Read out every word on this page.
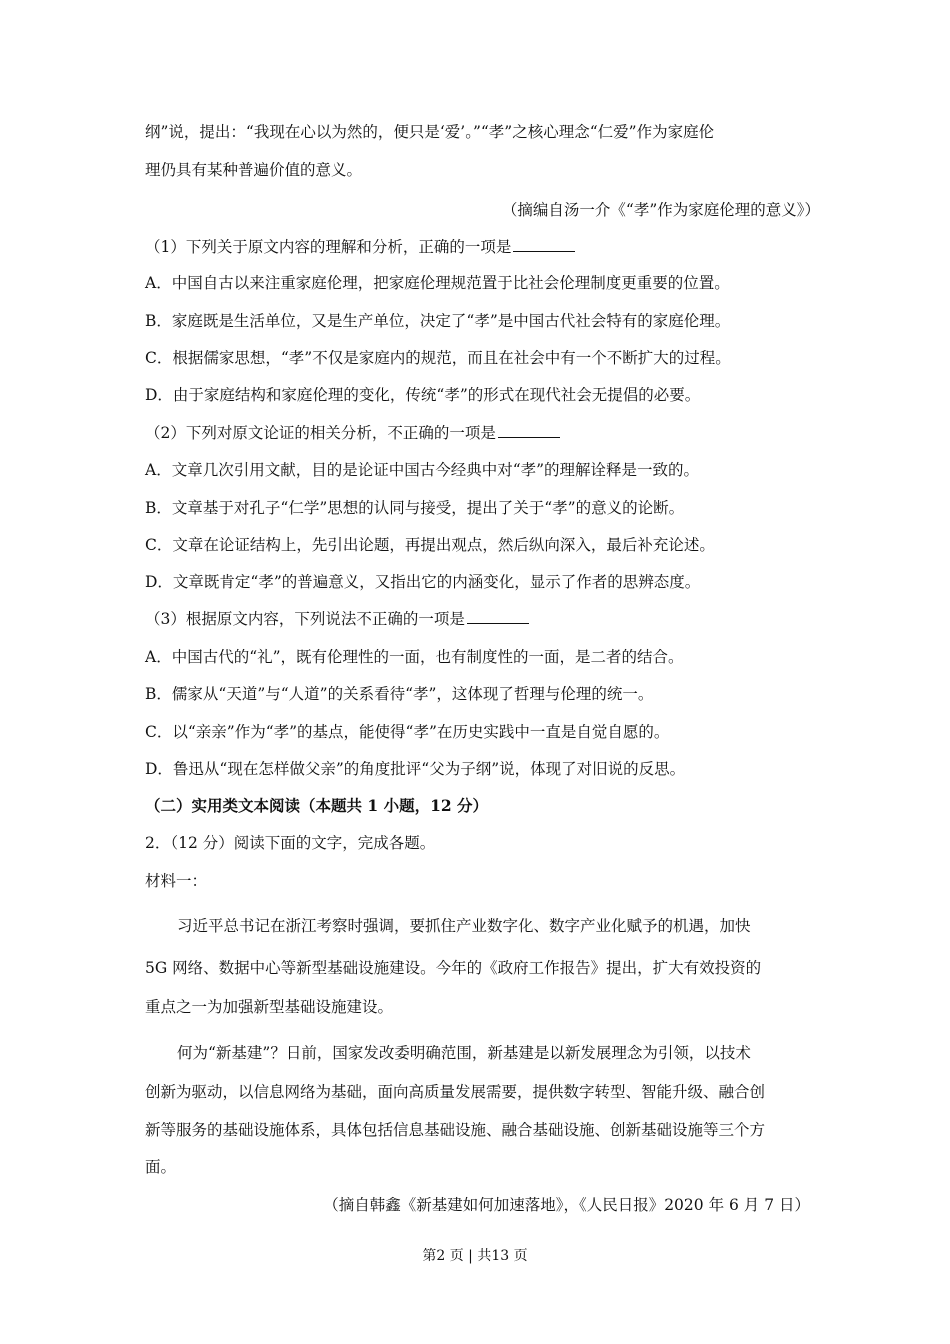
纲”说，提出：“我现在心以为然的，便只是‘爱’。”“孝”之核心理念“仁爱”作为家庭伦
理仍具有某种普遍价值的意义。
（摘编自汤一介《“孝”作为家庭伦理的意义》）
（1）下列关于原文内容的理解和分析，正确的一项是
A．中国自古以来注重家庭伦理，把家庭伦理规范置于比社会伦理制度更重要的位置。
B．家庭既是生活单位，又是生产单位，决定了“孝”是中国古代社会特有的家庭伦理。
C．根据儒家思想，“孝”不仅是家庭内的规范，而且在社会中有一个不断扩大的过程。
D．由于家庭结构和家庭伦理的变化，传统“孝”的形式在现代社会无提倡的必要。
（2）下列对原文论证的相关分析，不正确的一项是
A．文章几次引用文献，目的是论证中国古今经典中对“孝”的理解诠释是一致的。
B．文章基于对孔子“仁学”思想的认同与接受，提出了关于“孝”的意义的论断。
C．文章在论证结构上，先引出论题，再提出观点，然后纵向深入，最后补充论述。
D．文章既肯定“孝”的普遍意义，又指出它的内涵变化，显示了作者的思辨态度。
（3）根据原文内容，下列说法不正确的一项是
A．中国古代的“礼”，既有伦理性的一面，也有制度性的一面，是二者的结合。
B．儒家从“天道”与“人道”的关系看待“孝”，这体现了哲理与伦理的统一。
C．以“亲亲”作为“孝”的基点，能使得“孝”在历史实践中一直是自觉自愿的。
D．鲁迅从“现在怎样做父亲”的角度批评“父为子纲”说，体现了对旧说的反思。
（二）实用类文本阅读（本题共 1 小题，12 分）
2．（12 分）阅读下面的文字，完成各题。
材料一：
习近平总书记在浙江考察时强调，要抓住产业数字化、数字产业化赋予的机遇，加快
5G 网络、数据中心等新型基础设施建设。今年的《政府工作报告》提出，扩大有效投资的
重点之一为加强新型基础设施建设。
何为“新基建”？日前，国家发改委明确范围，新基建是以新发展理念为引领，以技术
创新为驱动，以信息网络为基础，面向高质量发展需要，提供数字转型、智能升级、融合创
新等服务的基础设施体系，具体包括信息基础设施、融合基础设施、创新基础设施等三个方
面。
（摘自韩鑫《新基建如何加速落地》，《人民日报》2020 年 6 月 7 日）
第2 页 | 共13 页
